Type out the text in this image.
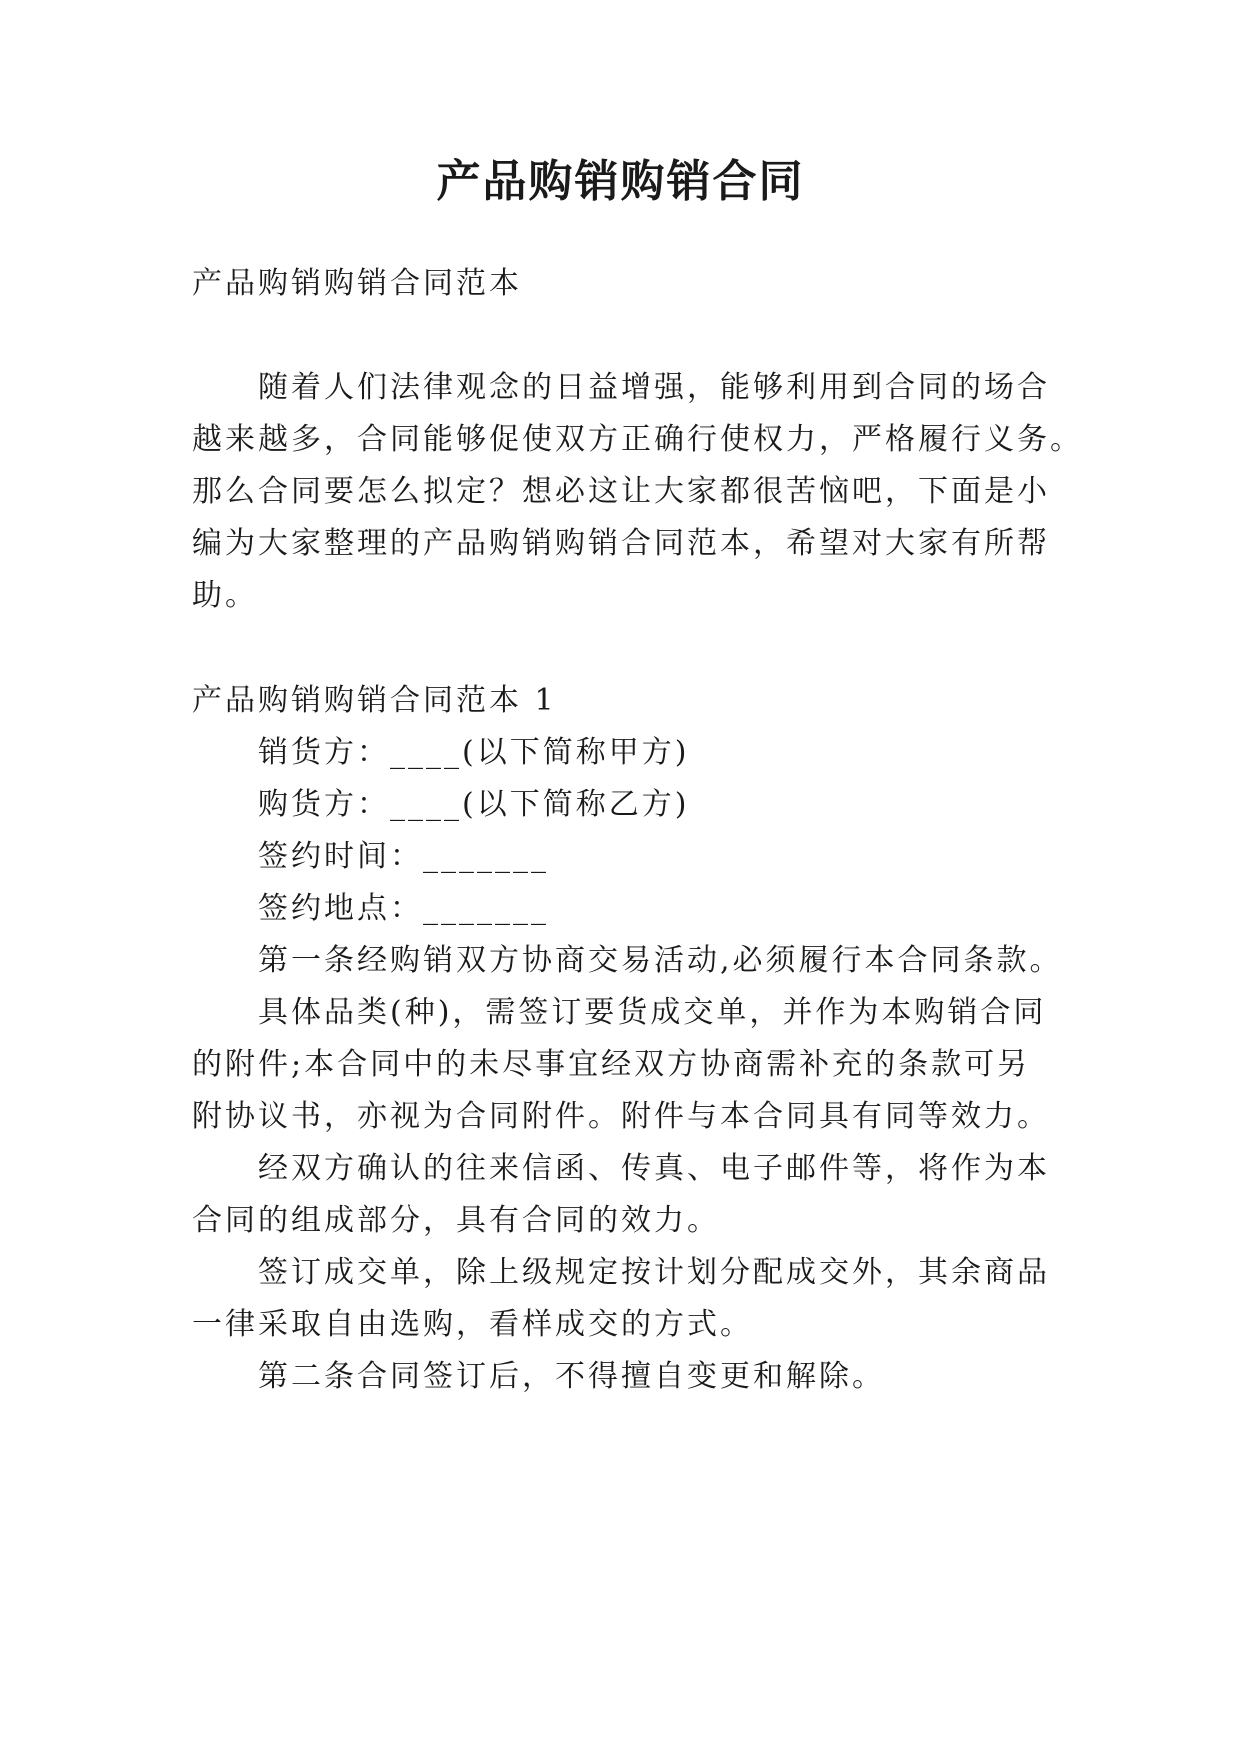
产品购销购销合同

产品购销购销合同范本

随着人们法律观念的日益增强，能够利用到合同的场合

越来越多，合同能够促使双方正确行使权力，严格履行义务。

那么合同要怎么拟定？想必这让大家都很苦恼吧，下面是小

编为大家整理的产品购销购销合同范本，希望对大家有所帮

助。

产品购销购销合同范本 1

销货方：____(以下简称甲方)

购货方：____(以下简称乙方)

签约时间：_______

签约地点：_______

第一条经购销双方协商交易活动,必须履行本合同条款。

具体品类(种)，需签订要货成交单，并作为本购销合同

的附件;本合同中的未尽事宜经双方协商需补充的条款可另

附协议书，亦视为合同附件。附件与本合同具有同等效力。

经双方确认的往来信函、传真、电子邮件等，将作为本

合同的组成部分，具有合同的效力。

签订成交单，除上级规定按计划分配成交外，其余商品

一律采取自由选购，看样成交的方式。

第二条合同签订后，不得擅自变更和解除。
